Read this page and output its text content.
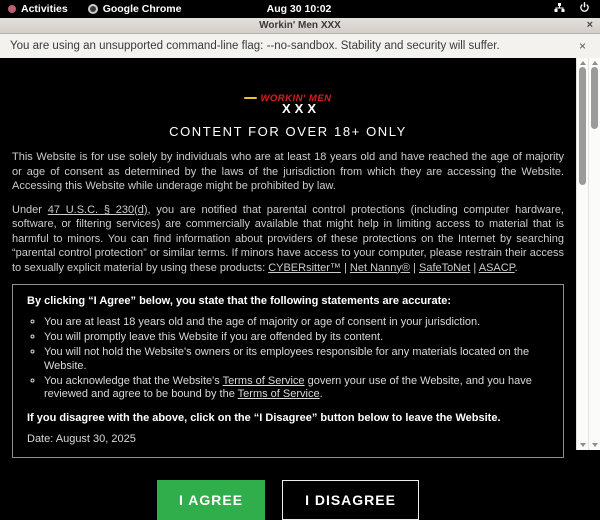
Activities	Google Chrome	Aug 30 10:02
Workin' Men XXX	×
You are using an unsupported command-line flag: --no-sandbox. Stability and security will suffer.	×
WORKIN' MEN
XXX
CONTENT FOR OVER 18+ ONLY

This Website is for use solely by individuals who are at least 18 years old and have reached the age of majority or age of consent as determined by the laws of the jurisdiction from which they are accessing the Website. Accessing this Website while underage might be prohibited by law.

Under 47 U.S.C. § 230(d), you are notified that parental control protections (including computer hardware, software, or filtering services) are commercially available that might help in limiting access to material that is harmful to minors. You can find information about providers of these protections on the Internet by searching “parental control protection” or similar terms. If minors have access to your computer, please restrain their access to sexually explicit material by using these products: CYBERsitter™ | Net Nanny® | SafeToNet | ASACP.

By clicking “I Agree” below, you state that the following statements are accurate:

◦ You are at least 18 years old and the age of majority or age of consent in your jurisdiction.
◦ You will promptly leave this Website if you are offended by its content.
◦ You will not hold the Website's owners or its employees responsible for any materials located on the Website.
◦ You acknowledge that the Website's Terms of Service govern your use of the Website, and you have reviewed and agree to be bound by the Terms of Service.

If you disagree with the above, click on the “I Disagree” button below to leave the Website.

Date: August 30, 2025

I AGREE	I DISAGREE
